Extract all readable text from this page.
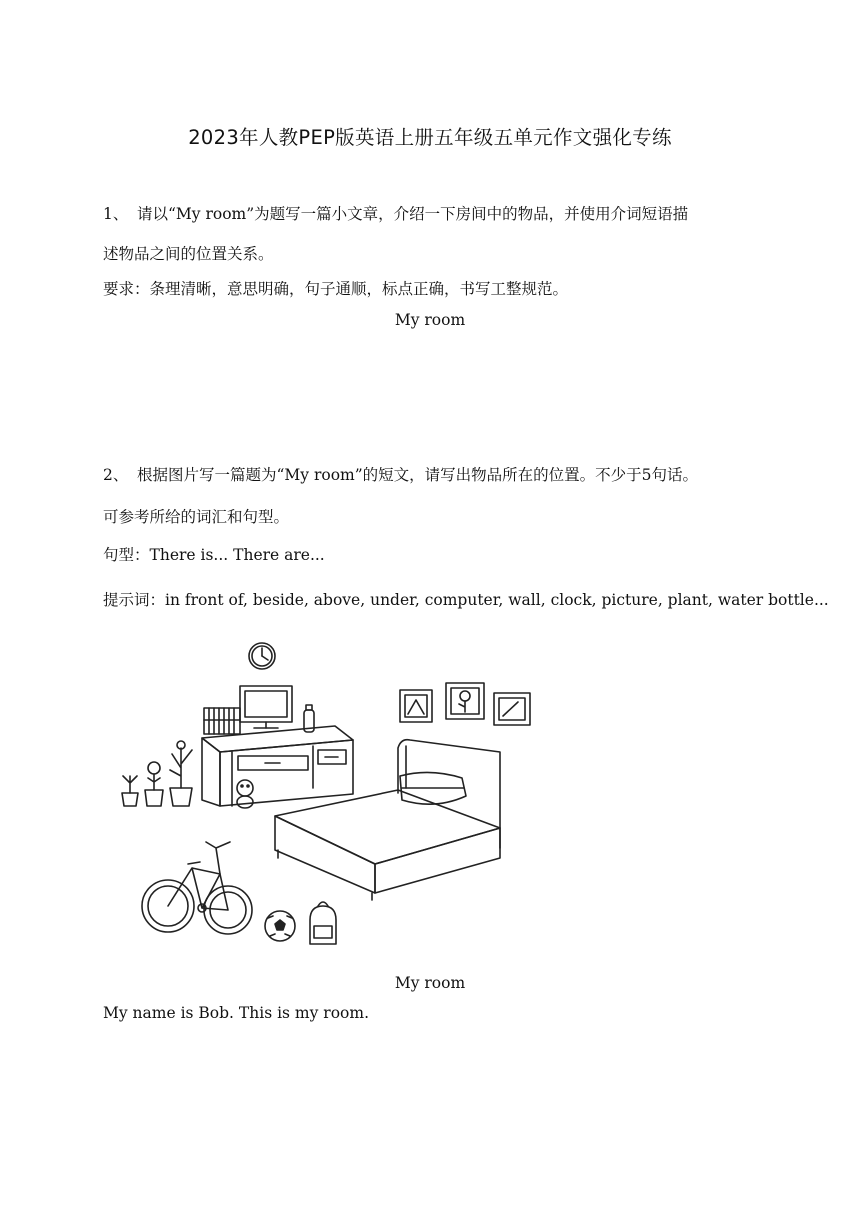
2023年人教PEP版英语上册五年级五单元作文强化专练
1、 请以“My room”为题写一篇小文章，介绍一下房间中的物品，并使用介词短语描
述物品之间的位置关系。
要求：条理清晰，意思明确，句子通顺，标点正确，书写工整规范。
My room
2、 根据图片写一篇题为“My room”的短文，请写出物品所在的位置。不少于5句话。
可参考所给的词汇和句型。
句型：There is... There are...
提示词：in front of, beside, above, under, computer, wall, clock, picture, plant, water bottle...
My room
My name is Bob. This is my room.
